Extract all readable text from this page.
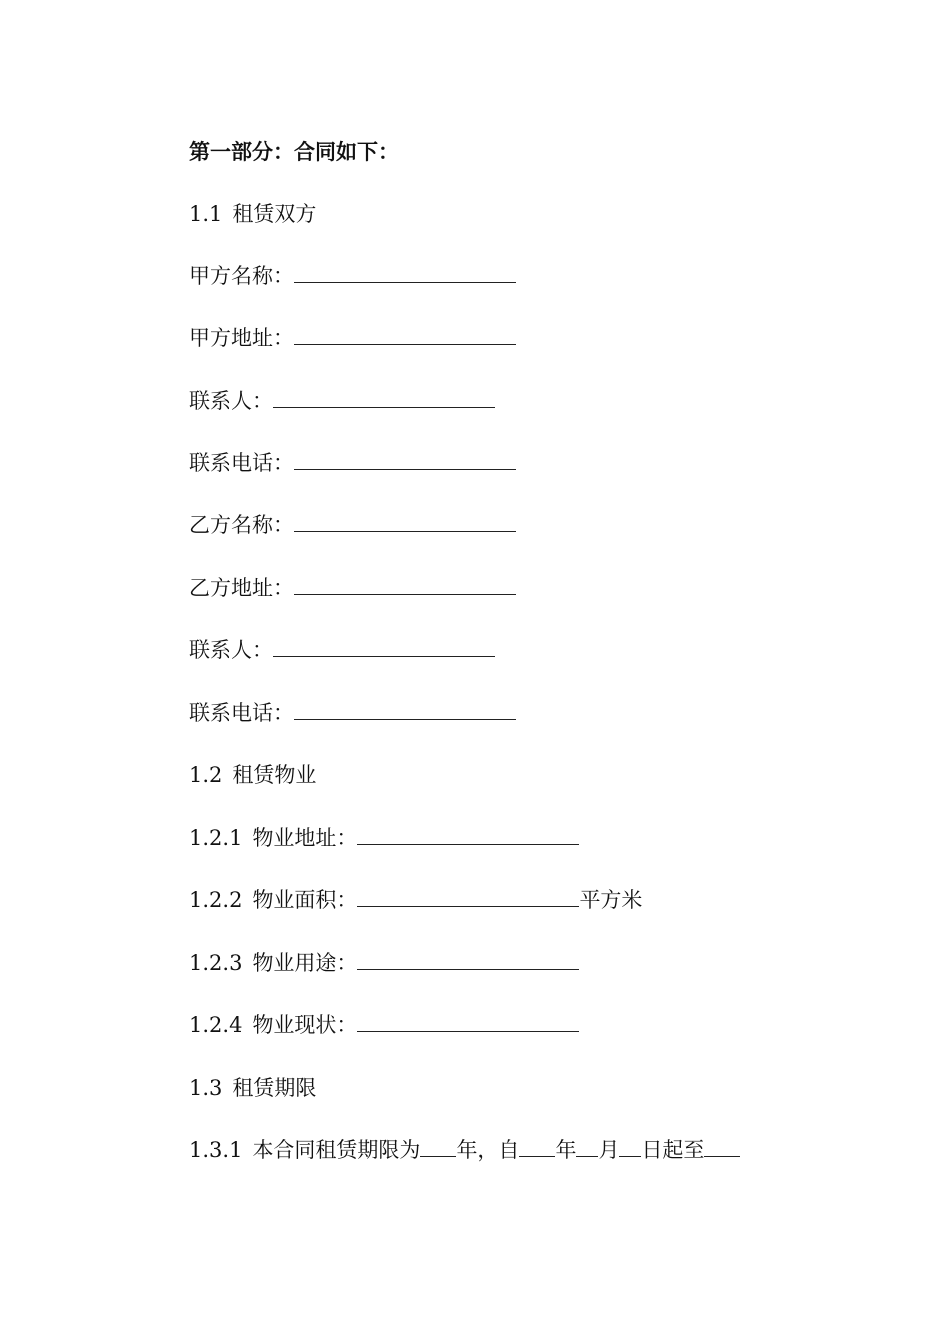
第一部分：合同如下：
1.1 租赁双方
甲方名称：
甲方地址：
联系人：
联系电话：
乙方名称：
乙方地址：
联系人：
联系电话：
1.2 租赁物业
1.2.1 物业地址：
1.2.2 物业面积：	平方米
1.2.3 物业用途：
1.2.4 物业现状：
1.3 租赁期限
1.3.1 本合同租赁期限为 年，自 年 月 日起至
